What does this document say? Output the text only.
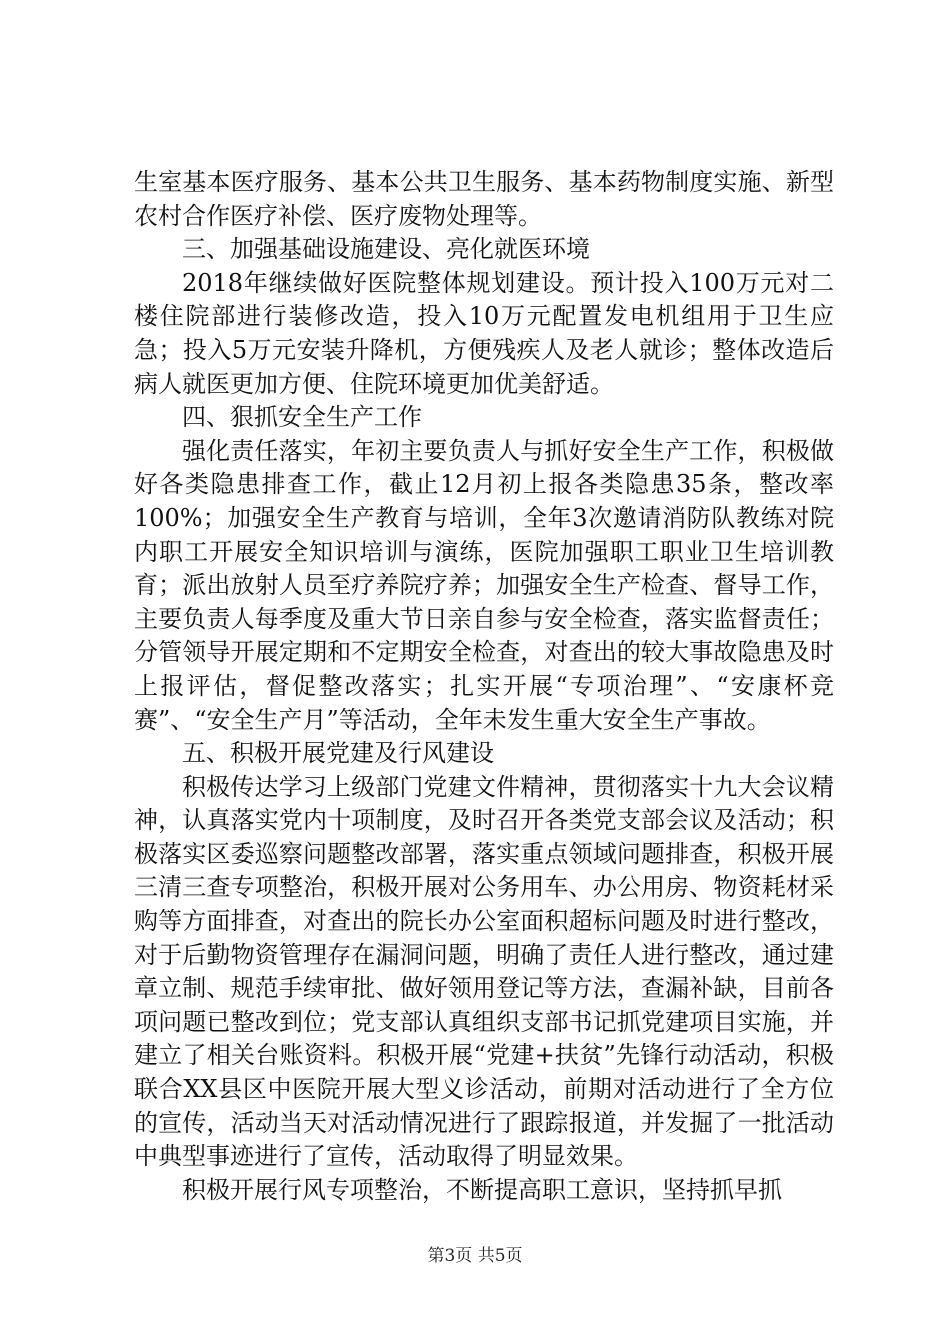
生室基本医疗服务、基本公共卫生服务、基本药物制度实施、新型农村合作医疗补偿、医疗废物处理等。

三、加强基础设施建设、亮化就医环境

2018年继续做好医院整体规划建设。预计投入100万元对二楼住院部进行装修改造，投入10万元配置发电机组用于卫生应急；投入5万元安装升降机，方便残疾人及老人就诊；整体改造后病人就医更加方便、住院环境更加优美舒适。

四、狠抓安全生产工作

强化责任落实，年初主要负责人与抓好安全生产工作，积极做好各类隐患排查工作，截止12月初上报各类隐患35条，整改率100%；加强安全生产教育与培训，全年3次邀请消防队教练对院内职工开展安全知识培训与演练，医院加强职工职业卫生培训教育；派出放射人员至疗养院疗养；加强安全生产检查、督导工作，主要负责人每季度及重大节日亲自参与安全检查，落实监督责任；分管领导开展定期和不定期安全检查，对查出的较大事故隐患及时上报评估，督促整改落实；扎实开展“专项治理”、“安康杯竞赛”、“安全生产月”等活动，全年未发生重大安全生产事故。

五、积极开展党建及行风建设

积极传达学习上级部门党建文件精神，贯彻落实十九大会议精神，认真落实党内十项制度，及时召开各类党支部会议及活动；积极落实区委巡察问题整改部署，落实重点领域问题排查，积极开展三清三查专项整治，积极开展对公务用车、办公用房、物资耗材采购等方面排查，对查出的院长办公室面积超标问题及时进行整改，对于后勤物资管理存在漏洞问题，明确了责任人进行整改，通过建章立制、规范手续审批、做好领用登记等方法，查漏补缺，目前各项问题已整改到位；党支部认真组织支部书记抓党建项目实施，并建立了相关台账资料。积极开展“党建+扶贫”先锋行动活动，积极联合XX县区中医院开展大型义诊活动，前期对活动进行了全方位的宣传，活动当天对活动情况进行了跟踪报道，并发掘了一批活动中典型事迹进行了宣传，活动取得了明显效果。

积极开展行风专项整治，不断提高职工意识，坚持抓早抓

第3页 共5页
